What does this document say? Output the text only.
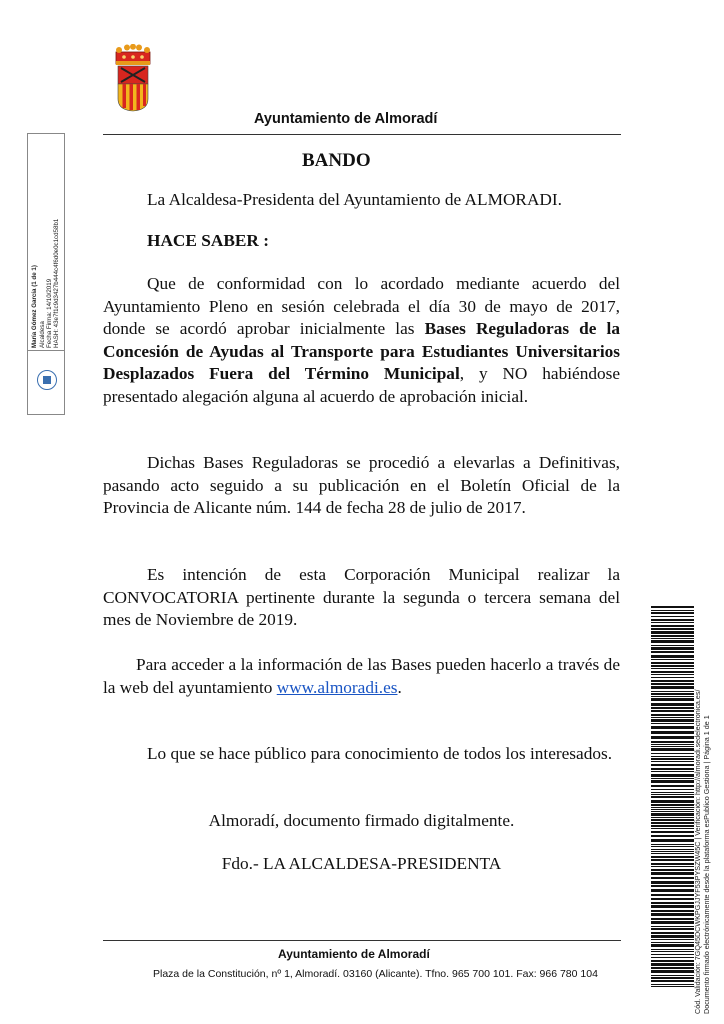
Ayuntamiento de Almoradí
María Gómez García (1 de 1) Alcaldesa Fecha Firma: 14/10/2019 HASH: 43e7f1c9d3427b444c4f6d0e0c1cd58b1
BANDO

La Alcaldesa-Presidenta del Ayuntamiento de ALMORADI.

HACE SABER :

Que de conformidad con lo acordado mediante acuerdo del Ayuntamiento Pleno en sesión celebrada el día 30 de mayo de 2017, donde se acordó aprobar inicialmente las Bases Reguladoras de la Concesión de Ayudas al Transporte para Estudiantes Universitarios Desplazados Fuera del Término Municipal, y NO habiéndose presentado alegación alguna al acuerdo de aprobación inicial.

Dichas Bases Reguladoras se procedió a elevarlas a Definitivas, pasando acto seguido a su publicación en el Boletín Oficial de la Provincia de Alicante núm. 144 de fecha 28 de julio de 2017.

Es intención de esta Corporación Municipal realizar la CONVOCATORIA pertinente durante la segunda o tercera semana del mes de Noviembre de 2019.

Para acceder a la información de las Bases pueden hacerlo a través de la web del ayuntamiento www.almoradi.es.

Lo que se hace público para conocimiento de todos los interesados.

Almoradí, documento firmado digitalmente.
Fdo.- LA ALCALDESA-PRESIDENTA	Cód. Validación: 7GQ45DCWKPGJJYF53PYSZW45C | Verificación: http://almoradi.sedelectronica.es/ Documento firmado electrónicamente desde la plataforma esPublico Gestiona | Página 1 de 1
Ayuntamiento de Almoradí
Plaza de la Constitución, nº 1, Almoradí. 03160 (Alicante). Tfno. 965 700 101. Fax: 966 780 104
